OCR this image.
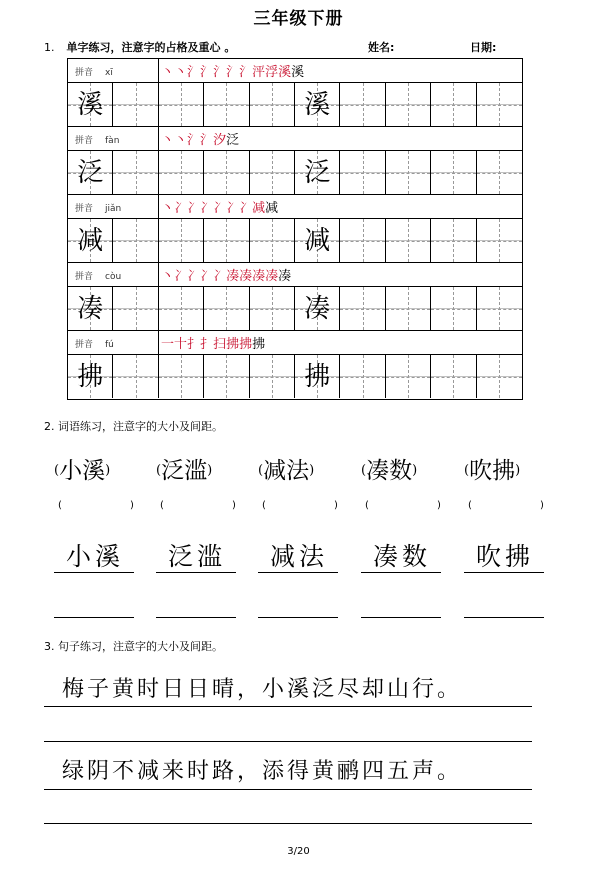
三年级下册
1. 单字练习，注意字的占格及重心 。	姓名:	日期:
拼音 xī	丶丶氵氵氵氵氵泙浮溪溪
溪	溪
拼音 fàn	丶丶氵氵汐泛
泛	泛
拼音 jiǎn	丶冫冫冫冫冫冫减减
减	减
拼音 còu	丶冫冫冫冫凑凑凑凑凑
凑	凑
拼音 fú	一十扌扌扫拂拂拂
拂	拂
2. 词语练习，注意字的大小及间距。
(小溪)
(	)
小溪
(泛滥)
(	)
泛滥
(减法)
(	)
减法
(凑数)
(	)
凑数
(吹拂)
(	)
吹拂
3. 句子练习，注意字的大小及间距。
梅子黄时日日晴，小溪泛尽却山行。
绿阴不减来时路，添得黄鹂四五声。
3/20
